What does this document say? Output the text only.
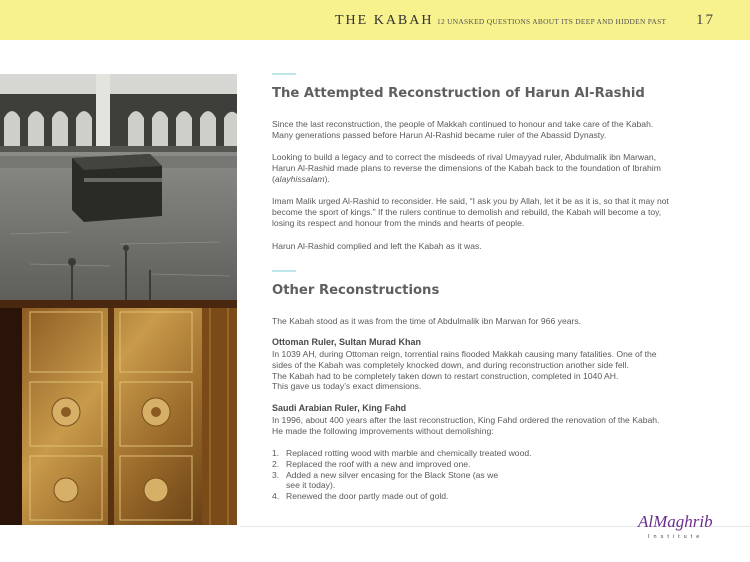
THE KABAH 12 UNASKED QUESTIONS ABOUT ITS DEEP AND HIDDEN PAST 17
The Attempted Reconstruction of Harun Al-Rashid
Since the last reconstruction, the people of Makkah continued to honour and take care of the Kabah.
Many generations passed before Harun Al-Rashid became ruler of the Abassid Dynasty.
Looking to build a legacy and to correct the misdeeds of rival Umayyad ruler, Abdulmalik ibn Marwan,
Harun Al-Rashid made plans to reverse the dimensions of the Kabah back to the foundation of Ibrahim
(alayhissalam).
Imam Malik urged Al-Rashid to reconsider. He said, “I ask you by Allah, let it be as it is, so that it may not
become the sport of kings.” If the rulers continue to demolish and rebuild, the Kabah will become a toy,
losing its respect and honour from the minds and hearts of people.
Harun Al-Rashid complied and left the Kabah as it was.
Other Reconstructions
The Kabah stood as it was from the time of Abdulmalik ibn Marwan for 966 years.
Ottoman Ruler, Sultan Murad Khan
In 1039 AH, during Ottoman reign, torrential rains flooded Makkah causing many fatalities. One of the
sides of the Kabah was completely knocked down, and during reconstruction another side fell.
The Kabah had to be completely taken down to restart construction, completed in 1040 AH.
This gave us today’s exact dimensions.
Saudi Arabian Ruler, King Fahd
In 1996, about 400 years after the last reconstruction, King Fahd ordered the renovation of the Kabah.
He made the following improvements without demolishing:
1. Replaced rotting wood with marble and chemically treated wood.
2. Replaced the roof with a new and improved one.
3. Added a new silver encasing for the Black Stone (as we
see it today).
4. Renewed the door partly made out of gold.
AlMaghrib
Institute
